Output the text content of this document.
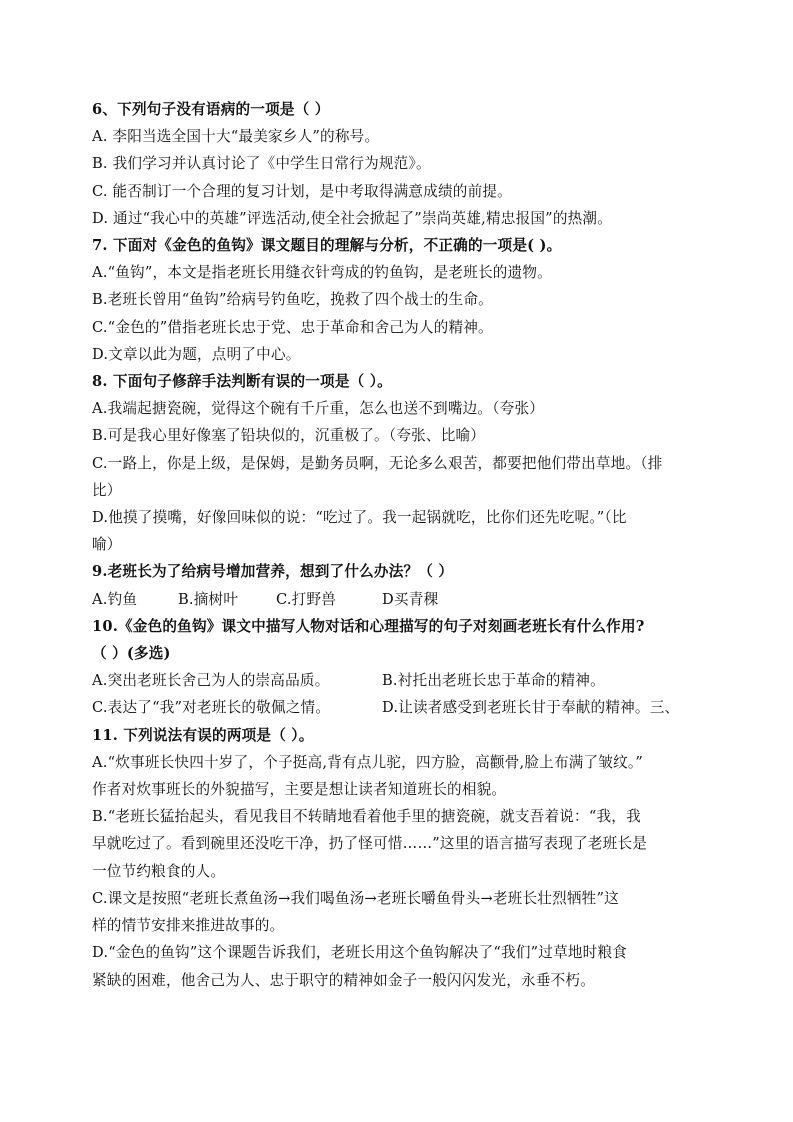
6、下列句子没有语病的一项是（ ）
A. 李阳当选全国十大“最美家乡人”的称号。
B. 我们学习并认真讨论了《中学生日常行为规范》。
C. 能否制订一个合理的复习计划，是中考取得满意成绩的前提。
D. 通过“我心中的英雄”评选活动,使全社会掀起了”崇尚英雄,精忠报国”的热潮。
7. 下面对《金色的鱼钩》课文题目的理解与分析，不正确的一项是( )。
A.“鱼钩”，本文是指老班长用缝衣针弯成的钓鱼钩，是老班长的遗物。
B.老班长曾用“鱼钩”给病号钓鱼吃，挽救了四个战士的生命。
C.“金色的”借指老班长忠于党、忠于革命和舍己为人的精神。
D.文章以此为题，点明了中心。
8. 下面句子修辞手法判断有误的一项是（ ）。
A.我端起搪瓷碗，觉得这个碗有千斤重，怎么也送不到嘴边。（夸张）
B.可是我心里好像塞了铅块似的，沉重极了。（夸张、比喻）
C.一路上，你是上级，是保姆，是勤务员啊，无论多么艰苦，都要把他们带出草地。（排
比）
D.他摸了摸嘴，好像回味似的说：“吃过了。我一起锅就吃，比你们还先吃呢。”（比
喻）
9.老班长为了给病号增加营养，想到了什么办法？（ ）
A.钓鱼	B.摘树叶	C.打野兽	D买青稞
10.《金色的鱼钩》课文中描写人物对话和心理描写的句子对刻画老班长有什么作用?
（ ）(多选)
A.突出老班长舍己为人的崇高品质。	B.衬托出老班长忠于革命的精神。
C.表达了“我”对老班长的敬佩之情。	D.让读者感受到老班长甘于奉献的精神。三、
11. 下列说法有误的两项是（ ）。
A.“炊事班长快四十岁了，个子挺高,背有点儿驼，四方脸，高颧骨,脸上布满了皱纹。”
作者对炊事班长的外貌描写，主要是想让读者知道班长的相貌。
B.“老班长猛抬起头，看见我目不转睛地看着他手里的搪瓷碗，就支吾着说：“我，我
早就吃过了。看到碗里还没吃干净，扔了怪可惜……”这里的语言描写表现了老班长是
一位节约粮食的人。
C.课文是按照“老班长煮鱼汤→我们喝鱼汤→老班长嚼鱼骨头→老班长壮烈牺牲”这
样的情节安排来推进故事的。
D.“金色的鱼钩”这个课题告诉我们，老班长用这个鱼钩解决了“我们”过草地时粮食
紧缺的困难，他舍己为人、忠于职守的精神如金子一般闪闪发光，永垂不朽。
